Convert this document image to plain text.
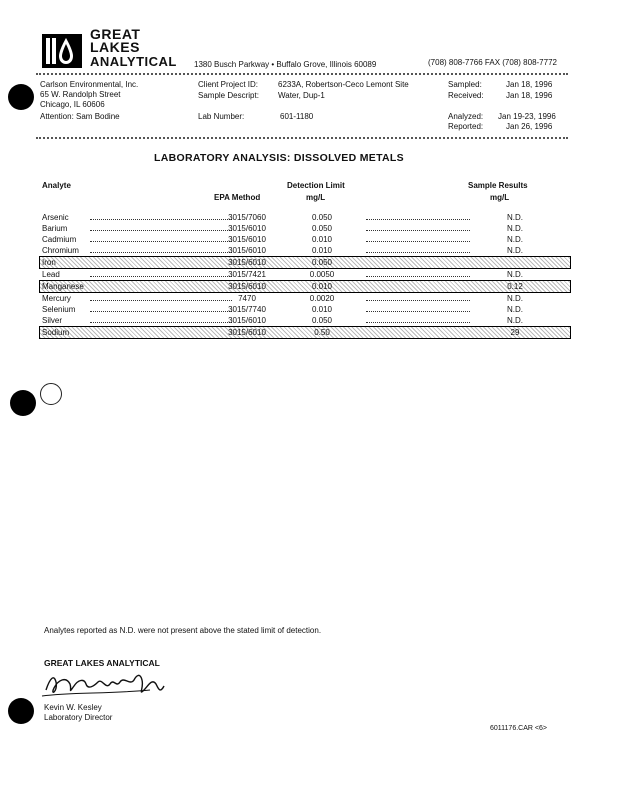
GREAT
LAKES
ANALYTICAL 1380 Busch Parkway • Buffalo Grove, Illinois 60089	(708) 808-7766 FAX (708) 808-7772
Carlson Environmental, Inc.
65 W. Randolph Street
Chicago, IL 60606
Attention: Sam Bodine
Client Project ID: 6233A, Robertson-Ceco Lemont Site
Sample Descript: Water, Dup-1
Lab Number:	601-1180
Sampled:	Jan 18, 1996
Received:	Jan 18, 1996
Analyzed: Jan 19-23, 1996
Reported:	Jan 26, 1996
LABORATORY ANALYSIS: DISSOLVED METALS
Analyte
EPA Method
Detection Limit
mg/L
Sample Results
mg/L
Arsenic	3015/7060	0.050	N.D.
Barium	3015/6010	0.050	N.D.
Cadmium	3015/6010	0.010	N.D.
Chromium	3015/6010	0.010	N.D.
Iron	3015/6010	0.050
Lead	3015/7421	0.0050	N.D.
Manganese	3015/6010	0.010	0.12
Mercury	7470	0.0020	N.D.
Selenium	3015/7740	0.010	N.D.
Silver	3015/6010	0.050	N.D.
Sodium	3015/6010	0.50	29
Analytes reported as N.D. were not present above the stated limit of detection.
GREAT LAKES ANALYTICAL
Kevin W. Kesley
Laboratory Director
6011176.CAR <6>
